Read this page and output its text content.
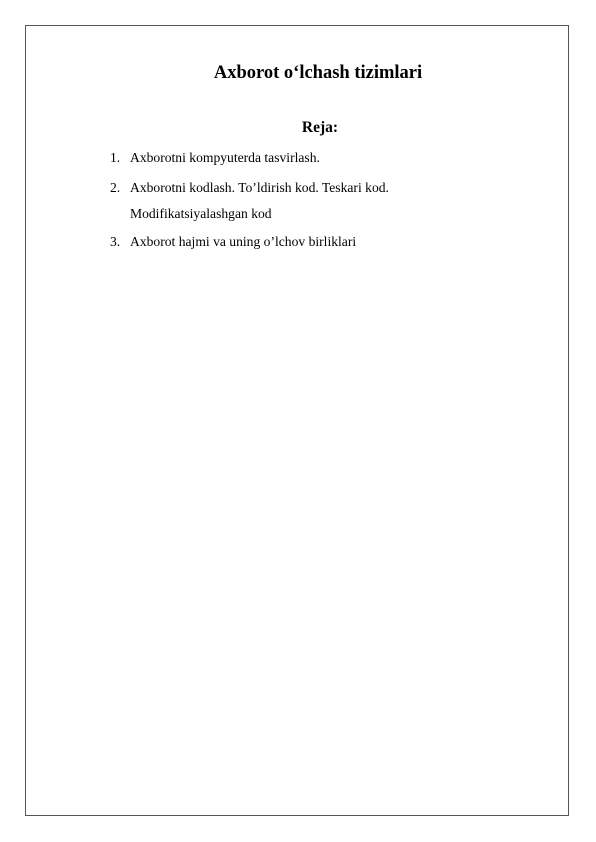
Axborot o‘lchash tizimlari

Reja:

1. Axborotni kompyuterda tasvirlash.
2. Axborotni kodlash. To’ldirish kod. Teskari kod.
Modifikatsiyalashgan kod
3. Axborot hajmi va uning o’lchov birliklari
